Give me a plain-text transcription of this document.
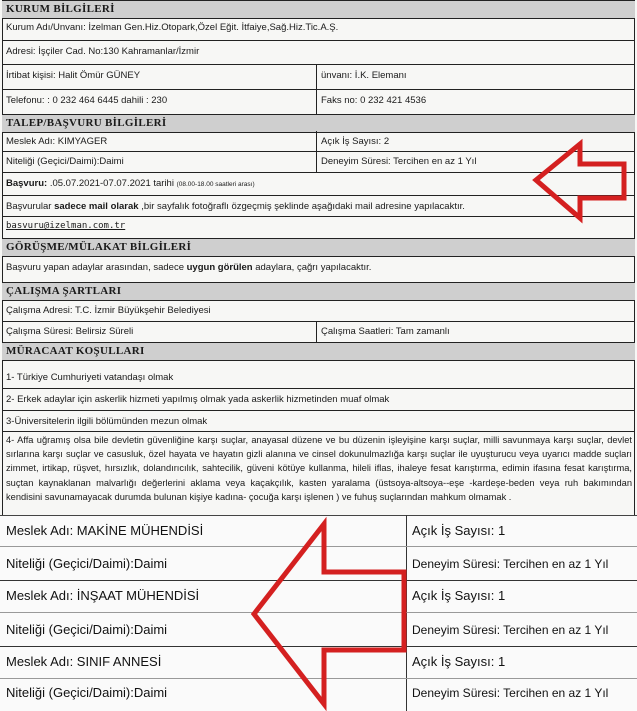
KURUM BİLGİLERİ
Kurum Adı/Unvanı: İzelman Gen.Hiz.Otopark,Özel Eğit. İtfaiye,Sağ.Hiz.Tic.A.Ş.
Adresi: İşçiler Cad. No:130 Kahramanlar/İzmir
İrtibat kişisi: Halit Ömür GÜNEY	ünvanı: İ.K. Elemanı
Telefonu: : 0 232 464 6445 dahili : 230	Faks no: 0 232 421 4536
TALEP/BAŞVURU BİLGİLERİ
Meslek Adı: KIMYAGER	Açık İş Sayısı: 2
Niteliği (Geçici/Daimi):Daimi	Deneyim Süresi: Tercihen en az 1 Yıl
Başvuru: .05.07.2021-07.07.2021 tarihi (08.00-18.00 saatleri arası)
Başvurular sadece mail olarak ,bir sayfalık fotoğraflı özgeçmiş şeklinde aşağıdaki mail adresine yapılacaktır.
basvuru@izelman.com.tr
GÖRÜŞME/MÜLAKAT BİLGİLERİ
Başvuru yapan adaylar arasından, sadece uygun görülen adaylara, çağrı yapılacaktır.
ÇALIŞMA ŞARTLARI
Çalışma Adresi: T.C. İzmir Büyükşehir Belediyesi
Çalışma Süresi: Belirsiz Süreli	Çalışma Saatleri: Tam zamanlı
MÜRACAAT KOŞULLARI
1- Türkiye Cumhuriyeti vatandaşı olmak
2- Erkek adaylar için askerlik hizmeti yapılmış olmak yada askerlik hizmetinden muaf olmak
3-Üniversitelerin ilgili bölümünden mezun olmak
4- Affa uğramış olsa bile devletin güvenliğine karşı suçlar, anayasal düzene ve bu düzenin işleyişine karşı suçlar, milli savunmaya karşı suçlar, devlet sırlarına karşı suçlar ve casusluk, özel hayata ve hayatın gizli alanına ve cinsel dokunulmazlığa karşı suçlar ile uyuşturucu veya uyarıcı madde suçları zimmet, irtikap, rüşvet, hırsızlık, dolandırıcılık, sahtecilik, güveni kötüye kullanma, hileli iflas, ihaleye fesat karıştırma, edimin ifasına fesat karıştırma, suçtan kaynaklanan malvarlığı değerlerini aklama veya kaçakçılık, kasten yaralama (üstsoya-altsoya--eşe -kardeşe-beden veya ruh bakımından kendisini savunamayacak durumda bulunan kişiye kadına- çocuğa karşı işlenen ) ve fuhuş suçlarından mahkum olmamak .
Meslek Adı: MAKİNE MÜHENDİSİ	Açık İş Sayısı: 1
Niteliği (Geçici/Daimi):Daimi	Deneyim Süresi: Tercihen en az 1 Yıl
Meslek Adı: İNŞAAT MÜHENDİSİ	Açık İş Sayısı: 1
Niteliği (Geçici/Daimi):Daimi	Deneyim Süresi: Tercihen en az 1 Yıl
Meslek Adı: SINIF ANNESİ	Açık İş Sayısı: 1
Niteliği (Geçici/Daimi):Daimi	Deneyim Süresi: Tercihen en az 1 Yıl
